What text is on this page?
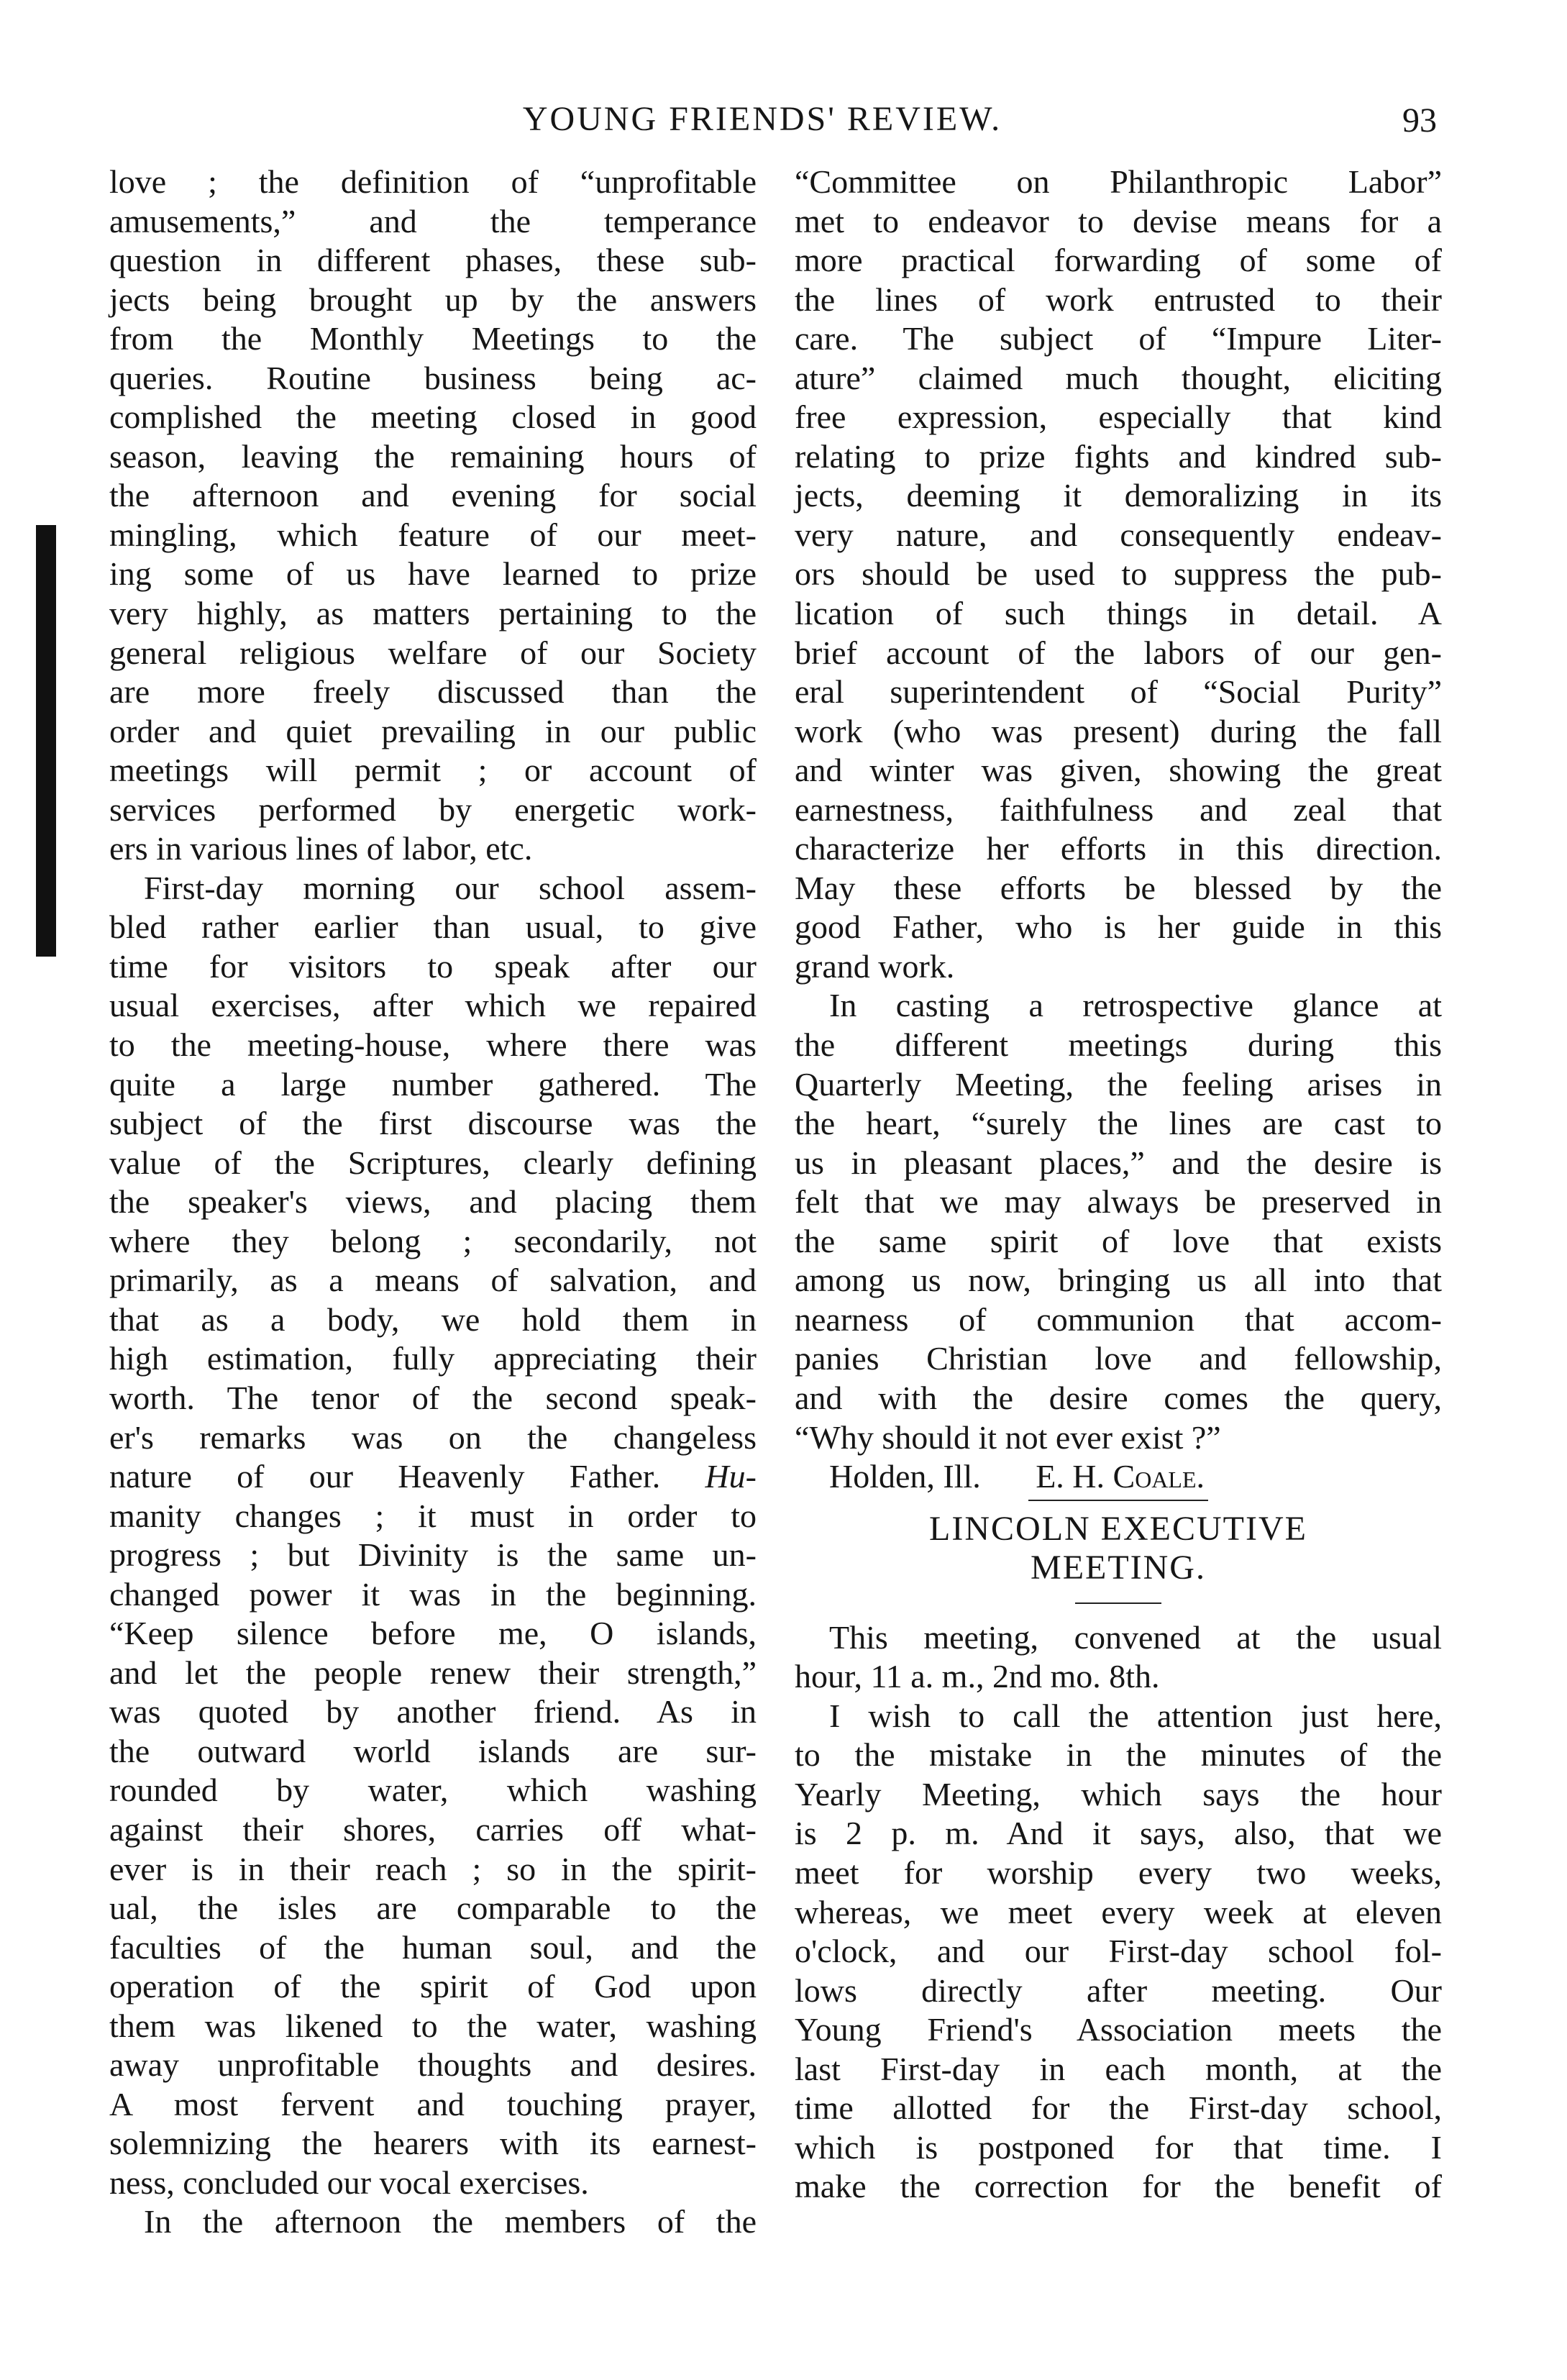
YOUNG FRIENDS' REVIEW.	93
love ; the definition of “unprofitable
amusements,” and the temperance
question in different phases, these sub-
jects being brought up by the answers
from the Monthly Meetings to the
queries. Routine business being ac-
complished the meeting closed in good
season, leaving the remaining hours of
the afternoon and evening for social
mingling, which feature of our meet-
ing some of us have learned to prize
very highly, as matters pertaining to the
general religious welfare of our Society
are more freely discussed than the
order and quiet prevailing in our public
meetings will permit ; or account of
services performed by energetic work-
ers in various lines of labor, etc.
First-day morning our school assem-
bled rather earlier than usual, to give
time for visitors to speak after our
usual exercises, after which we repaired
to the meeting-house, where there was
quite a large number gathered. The
subject of the first discourse was the
value of the Scriptures, clearly defining
the speaker's views, and placing them
where they belong ; secondarily, not
primarily, as a means of salvation, and
that as a body, we hold them in
high estimation, fully appreciating their
worth. The tenor of the second speak-
er's remarks was on the changeless
nature of our Heavenly Father. Hu-
manity changes ; it must in order to
progress ; but Divinity is the same un-
changed power it was in the beginning.
“Keep silence before me, O islands,
and let the people renew their strength,”
was quoted by another friend. As in
the outward world islands are sur-
rounded by water, which washing
against their shores, carries off what-
ever is in their reach ; so in the spirit-
ual, the isles are comparable to the
faculties of the human soul, and the
operation of the spirit of God upon
them was likened to the water, washing
away unprofitable thoughts and desires.
A most fervent and touching prayer,
solemnizing the hearers with its earnest-
ness, concluded our vocal exercises.
In the afternoon the members of the
“Committee on Philanthropic Labor”
met to endeavor to devise means for a
more practical forwarding of some of
the lines of work entrusted to their
care. The subject of “Impure Liter-
ature” claimed much thought, eliciting
free expression, especially that kind
relating to prize fights and kindred sub-
jects, deeming it demoralizing in its
very nature, and consequently endeav-
ors should be used to suppress the pub-
lication of such things in detail. A
brief account of the labors of our gen-
eral superintendent of “Social Purity”
work (who was present) during the fall
and winter was given, showing the great
earnestness, faithfulness and zeal that
characterize her efforts in this direction.
May these efforts be blessed by the
good Father, who is her guide in this
grand work.
In casting a retrospective glance at
the different meetings during this
Quarterly Meeting, the feeling arises in
the heart, “surely the lines are cast to
us in pleasant places,” and the desire is
felt that we may always be preserved in
the same spirit of love that exists
among us now, bringing us all into that
nearness of communion that accom-
panies Christian love and fellowship,
and with the desire comes the query,
“Why should it not ever exist ?”
Holden, Ill. E. H. Coale.
LINCOLN EXECUTIVE
MEETING.
This meeting, convened at the usual
hour, 11 a. m., 2nd mo. 8th.
I wish to call the attention just here,
to the mistake in the minutes of the
Yearly Meeting, which says the hour
is 2 p. m. And it says, also, that we
meet for worship every two weeks,
whereas, we meet every week at eleven
o'clock, and our First-day school fol-
lows directly after meeting. Our
Young Friend's Association meets the
last First-day in each month, at the
time allotted for the First-day school,
which is postponed for that time. I
make the correction for the benefit of
